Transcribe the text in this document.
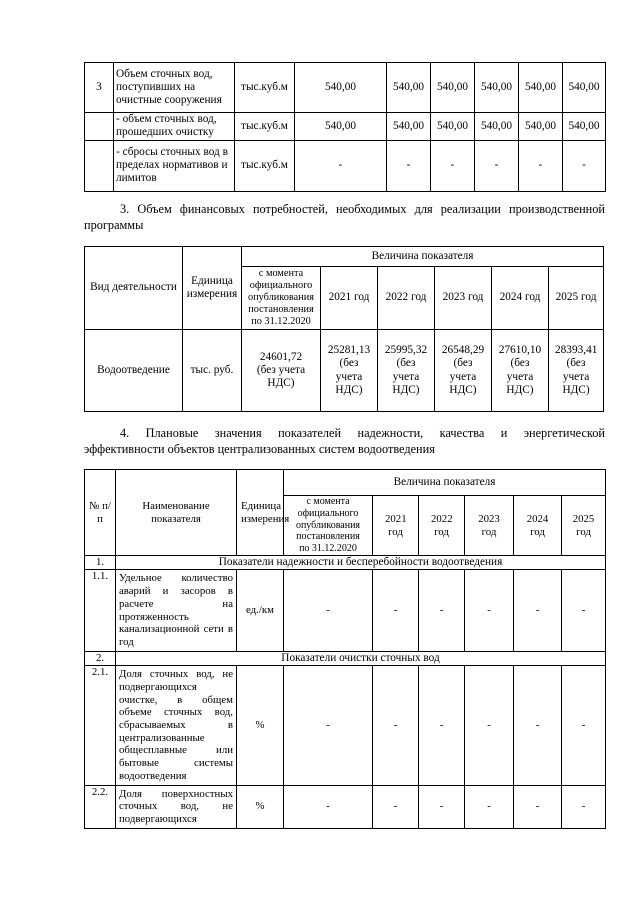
3	Объем сточных вод, поступивших на очистные сооружения	тыс.куб.м	540,00	540,00	540,00	540,00	540,00	540,00
	- объем сточных вод, прошедших очистку	тыс.куб.м	540,00	540,00	540,00	540,00	540,00	540,00
	- сбросы сточных вод в пределах нормативов и лимитов	тыс.куб.м	-	-	-	-	-	-
3. Объем финансовых потребностей, необходимых для реализации производственной
программы
Вид деятельности	Единица измерения	Величина показателя					
		с момента официального опубликования постановления по 31.12.2020	2021 год	2022 год	2023 год	2024 год	2025 год
Водоотведение	тыс. руб.	24601,72 (без учета НДС)	25281,13 (без учета НДС)	25995,32 (без учета НДС)	26548,29 (без учета НДС)	27610,10 (без учета НДС)	28393,41 (без учета НДС)
4. Плановые значения показателей надежности, качества и энергетической
эффективности объектов централизованных систем водоотведения
№ п/п	Наименование показателя	Единица измерения	Величина показателя					
			с момента официального опубликования постановления по 31.12.2020	2021 год	2022 год	2023 год	2024 год	2025 год
1.	Показатели надежности и бесперебойности водоотведения							
1.1.	Удельное количество аварий и засоров в расчете на протяженность канализационной сети в год	ед./км	-	-	-	-	-	-
2.	Показатели очистки сточных вод							
2.1.	Доля сточных вод, не подвергающихся очистке, в общем объеме сточных вод, сбрасываемых в централизованные общесплавные или бытовые системы водоотведения	%	-	-	-	-	-	-
2.2.	Доля поверхностных сточных вод, не подвергающихся	%	-	-	-	-	-	-
